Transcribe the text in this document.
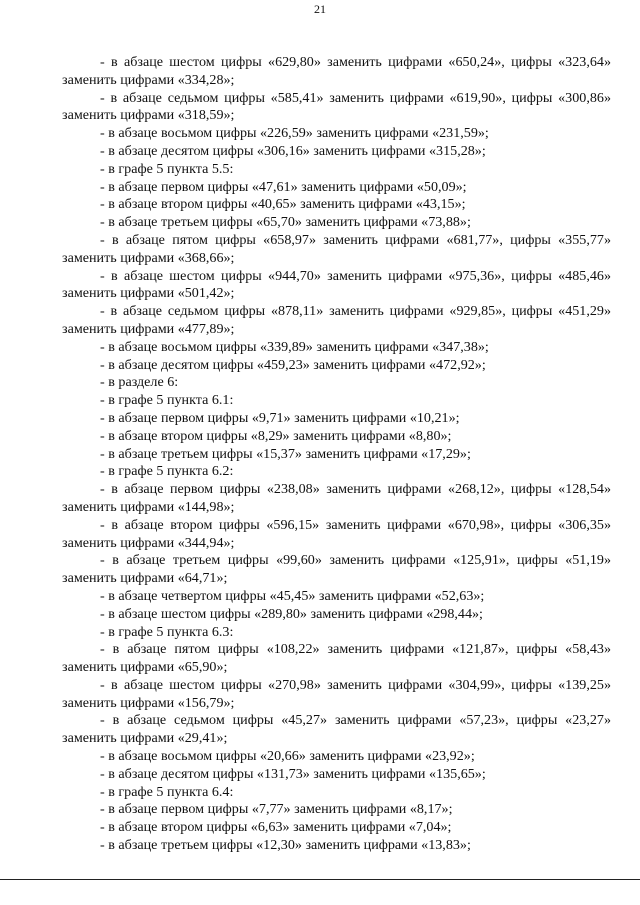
21

- в абзаце шестом цифры «629,80» заменить цифрами «650,24», цифры «323,64» заменить цифрами «334,28»;

- в абзаце седьмом цифры «585,41» заменить цифрами «619,90», цифры «300,86» заменить цифрами «318,59»;

- в абзаце восьмом цифры «226,59» заменить цифрами «231,59»;

- в абзаце десятом цифры «306,16» заменить цифрами «315,28»;

- в графе 5 пункта 5.5:

- в абзаце первом цифры «47,61» заменить цифрами «50,09»;

- в абзаце втором цифры «40,65» заменить цифрами «43,15»;

- в абзаце третьем цифры «65,70» заменить цифрами «73,88»;

- в абзаце пятом цифры «658,97» заменить цифрами «681,77», цифры «355,77» заменить цифрами «368,66»;

- в абзаце шестом цифры «944,70» заменить цифрами «975,36», цифры «485,46» заменить цифрами «501,42»;

- в абзаце седьмом цифры «878,11» заменить цифрами «929,85», цифры «451,29» заменить цифрами «477,89»;

- в абзаце восьмом цифры «339,89» заменить цифрами «347,38»;

- в абзаце десятом цифры «459,23» заменить цифрами «472,92»;

- в разделе 6:

- в графе 5 пункта 6.1:

- в абзаце первом цифры «9,71» заменить цифрами «10,21»;

- в абзаце втором цифры «8,29» заменить цифрами «8,80»;

- в абзаце третьем цифры «15,37» заменить цифрами «17,29»;

- в графе 5 пункта 6.2:

- в абзаце первом цифры «238,08» заменить цифрами «268,12», цифры «128,54» заменить цифрами «144,98»;

- в абзаце втором цифры «596,15» заменить цифрами «670,98», цифры «306,35» заменить цифрами «344,94»;

- в абзаце третьем цифры «99,60» заменить цифрами «125,91», цифры «51,19» заменить цифрами «64,71»;

- в абзаце четвертом цифры «45,45» заменить цифрами «52,63»;

- в абзаце шестом цифры «289,80» заменить цифрами «298,44»;

- в графе 5 пункта 6.3:

- в абзаце пятом цифры «108,22» заменить цифрами «121,87», цифры «58,43» заменить цифрами «65,90»;

- в абзаце шестом цифры «270,98» заменить цифрами «304,99», цифры «139,25» заменить цифрами «156,79»;

- в абзаце седьмом цифры «45,27» заменить цифрами «57,23», цифры «23,27» заменить цифрами «29,41»;

- в абзаце восьмом цифры «20,66» заменить цифрами «23,92»;

- в абзаце десятом цифры «131,73» заменить цифрами «135,65»;

- в графе 5 пункта 6.4:

- в абзаце первом цифры «7,77» заменить цифрами «8,17»;

- в абзаце втором цифры «6,63» заменить цифрами «7,04»;

- в абзаце третьем цифры «12,30» заменить цифрами «13,83»;
